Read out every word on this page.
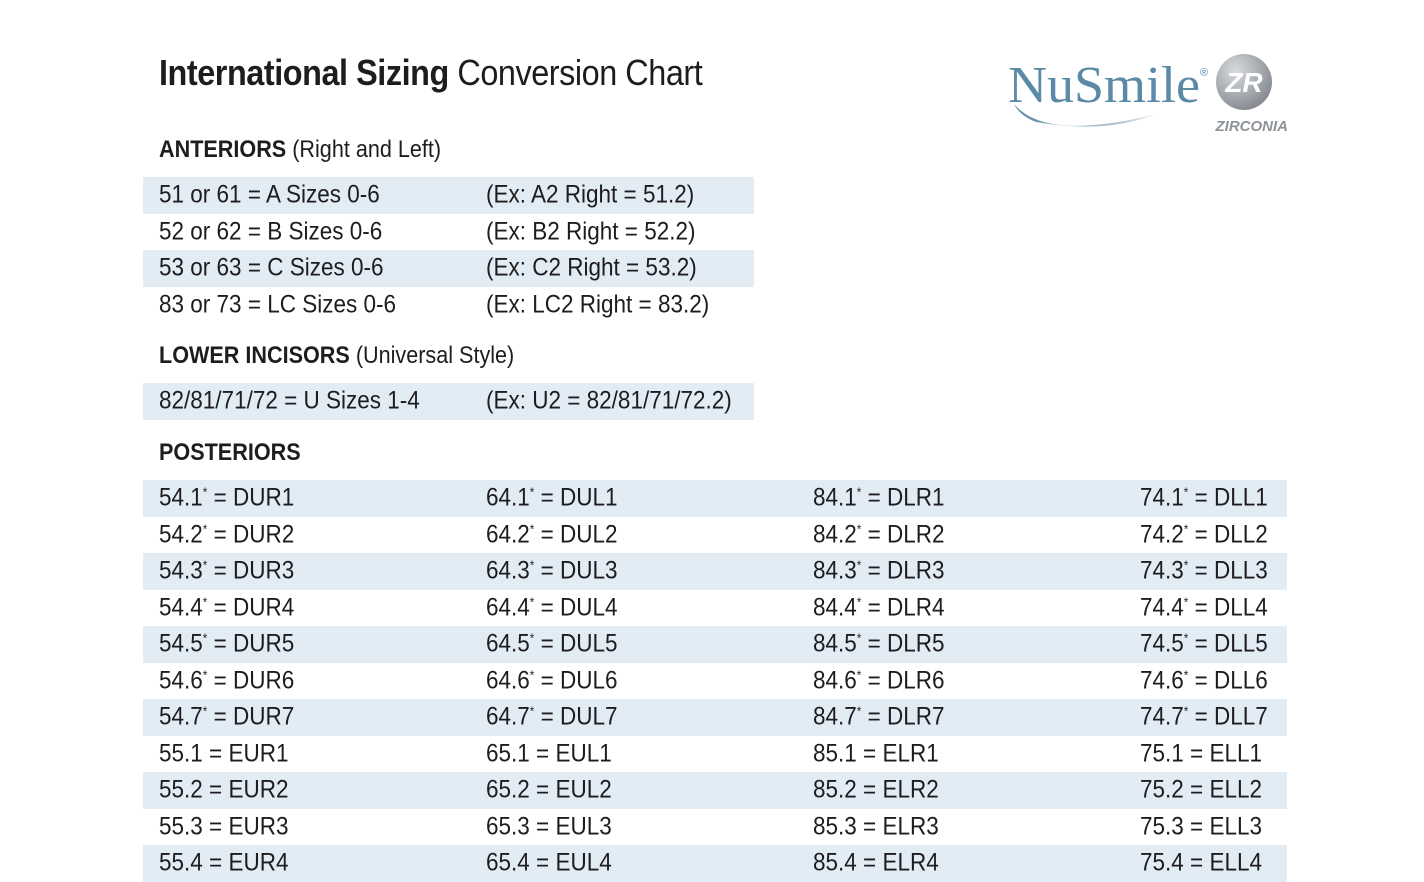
International Sizing Conversion Chart	NuSmile ® ZR
ZIRCONIA
ANTERIORS (Right and Left)
51 or 61 = A Sizes 0-6	(Ex: A2 Right = 51.2)
52 or 62 = B Sizes 0-6	(Ex: B2 Right = 52.2)
53 or 63 = C Sizes 0-6	(Ex: C2 Right = 53.2)
83 or 73 = LC Sizes 0-6	(Ex: LC2 Right = 83.2)
LOWER INCISORS (Universal Style)
82/81/71/72 = U Sizes 1-4	(Ex: U2 = 82/81/71/72.2)
POSTERIORS
54.1* = DUR1	64.1* = DUL1	84.1* = DLR1	74.1* = DLL1
54.2* = DUR2	64.2* = DUL2	84.2* = DLR2	74.2* = DLL2
54.3* = DUR3	64.3* = DUL3	84.3* = DLR3	74.3* = DLL3
54.4* = DUR4	64.4* = DUL4	84.4* = DLR4	74.4* = DLL4
54.5* = DUR5	64.5* = DUL5	84.5* = DLR5	74.5* = DLL5
54.6* = DUR6	64.6* = DUL6	84.6* = DLR6	74.6* = DLL6
54.7* = DUR7	64.7* = DUL7	84.7* = DLR7	74.7* = DLL7
55.1 = EUR1	65.1 = EUL1	85.1 = ELR1	75.1 = ELL1
55.2 = EUR2	65.2 = EUL2	85.2 = ELR2	75.2 = ELL2
55.3 = EUR3	65.3 = EUL3	85.3 = ELR3	75.3 = ELL3
55.4 = EUR4	65.4 = EUL4	85.4 = ELR4	75.4 = ELL4
